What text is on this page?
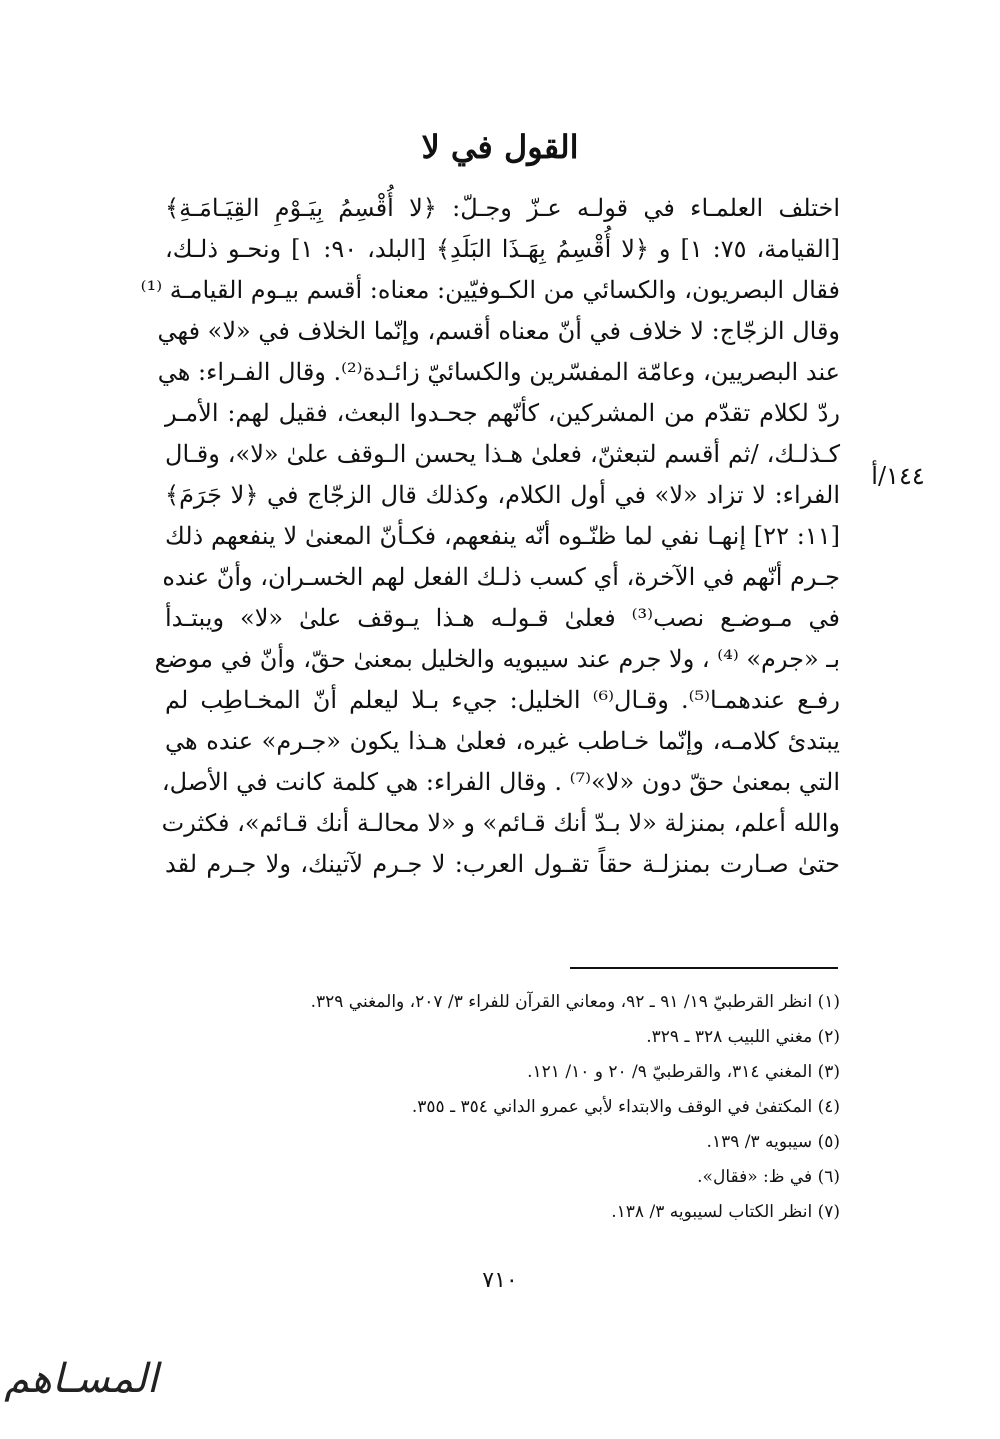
القول في لا
اختلف العلمـاء في قولـه عـزّ وجـلّ: ﴿لا أُقْسِمُ بِيَـوْمِ القِيَـامَـةِ﴾
[القيامة، ٧٥: ١] و ﴿لا أُقْسِمُ بِهَـذَا البَلَدِ﴾ [البلد، ٩٠: ١] ونحـو ذلـك،
فقال البصريون، والكسائي من الكـوفيّين: معناه: أقسم بيـوم القيامـة ⁽¹⁾
وقال الزجّاج: لا خلاف في أنّ معناه أقسم، وإنّما الخلاف في «لا» فهي
عند البصريين، وعامّة المفسّرين والكسائيّ زائـدة⁽²⁾. وقال الفـراء: هي
ردّ لكلام تقدّم من المشركين، كأنّهم جحـدوا البعث، فقيل لهم: الأمـر
كـذلـك، /ثم أقسم لتبعثنّ، فعلىٰ هـذا يحسن الـوقف علىٰ «لا»، وقـال
الفراء: لا تزاد «لا» في أول الكلام، وكذلك قال الزجّاج في ﴿لا جَرَمَ﴾
[١١: ٢٢] إنهـا نفي لما ظنّـوه أنّه ينفعهم، فكـأنّ المعنىٰ لا ينفعهم ذلك
جـرم أنّهم في الآخرة، أي كسب ذلـك الفعل لهم الخسـران، وأنّ عنده
في مـوضـع نصب⁽³⁾ فعلىٰ قـولـه هـذا يـوقف علىٰ «لا» ويبتـدأ
بـ «جرم» ⁽⁴⁾ ، ولا جرم عند سيبويه والخليل بمعنىٰ حقّ، وأنّ في موضع
رفـع عندهمـا⁽⁵⁾. وقـال⁽⁶⁾ الخليل: جيء بـلا ليعلم أنّ المخـاطِب لم
يبتدئ كلامـه، وإنّما خـاطب غيره، فعلىٰ هـذا يكون «جـرم» عنده هي
التي بمعنىٰ حقّ دون «لا»⁽⁷⁾ . وقال الفراء: هي كلمة كانت في الأصل،
والله أعلم، بمنزلة «لا بـدّ أنك قـائم» و «لا محالـة أنك قـائم»، فكثرت
حتىٰ صـارت بمنزلـة حقاً تقـول العرب: لا جـرم لآتينك، ولا جـرم لقد
١٤٤/أ
(١) انظر القرطبيّ ١٩/ ٩١ ـ ٩٢، ومعاني القرآن للفراء ٣/ ٢٠٧، والمغني ٣٢٩.
(٢) مغني اللبيب ٣٢٨ ـ ٣٢٩.
(٣) المغني ٣١٤، والقرطبيّ ٩/ ٢٠ و ١٠/ ١٢١.
(٤) المكتفىٰ في الوقف والابتداء لأبي عمرو الداني ٣٥٤ ـ ٣٥٥.
(٥) سيبويه ٣/ ١٣٩.
(٦) في ظ: «فقال».
(٧) انظر الكتاب لسيبويه ٣/ ١٣٨.
٧١٠
المسـاهم
